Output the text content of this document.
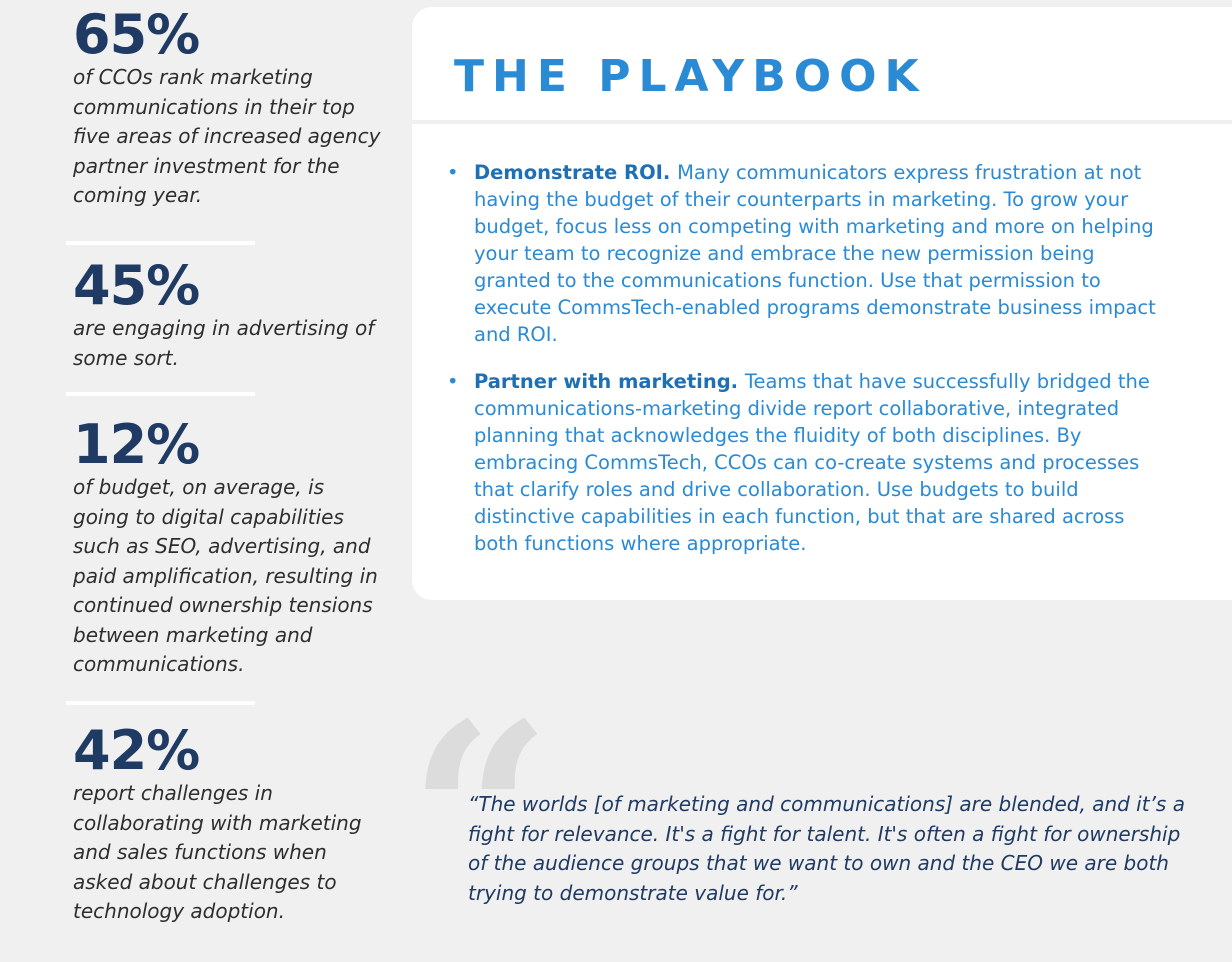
65%
of CCOs rank marketing communications in their top five areas of increased agency partner investment for the coming year.
45%
are engaging in advertising of some sort.
12%
of budget, on average, is going to digital capabilities such as SEO, advertising, and paid amplification, resulting in continued ownership tensions between marketing and communications.
42%
report challenges in collaborating with marketing and sales functions when asked about challenges to technology adoption.
THE PLAYBOOK
• Demonstrate ROI. Many communicators express frustration at not having the budget of their counterparts in marketing. To grow your budget, focus less on competing with marketing and more on helping your team to recognize and embrace the new permission being granted to the communications function. Use that permission to execute CommsTech-enabled programs demonstrate business impact and ROI.
• Partner with marketing. Teams that have successfully bridged the communications-marketing divide report collaborative, integrated planning that acknowledges the fluidity of both disciplines. By embracing CommsTech, CCOs can co-create systems and processes that clarify roles and drive collaboration. Use budgets to build distinctive capabilities in each function, but that are shared across both functions where appropriate.
“

“The worlds [of marketing and communications] are blended, and it’s a fight for relevance. It's a fight for talent. It's often a fight for ownership of the audience groups that we want to own and the CEO we are both trying to demonstrate value for.”
